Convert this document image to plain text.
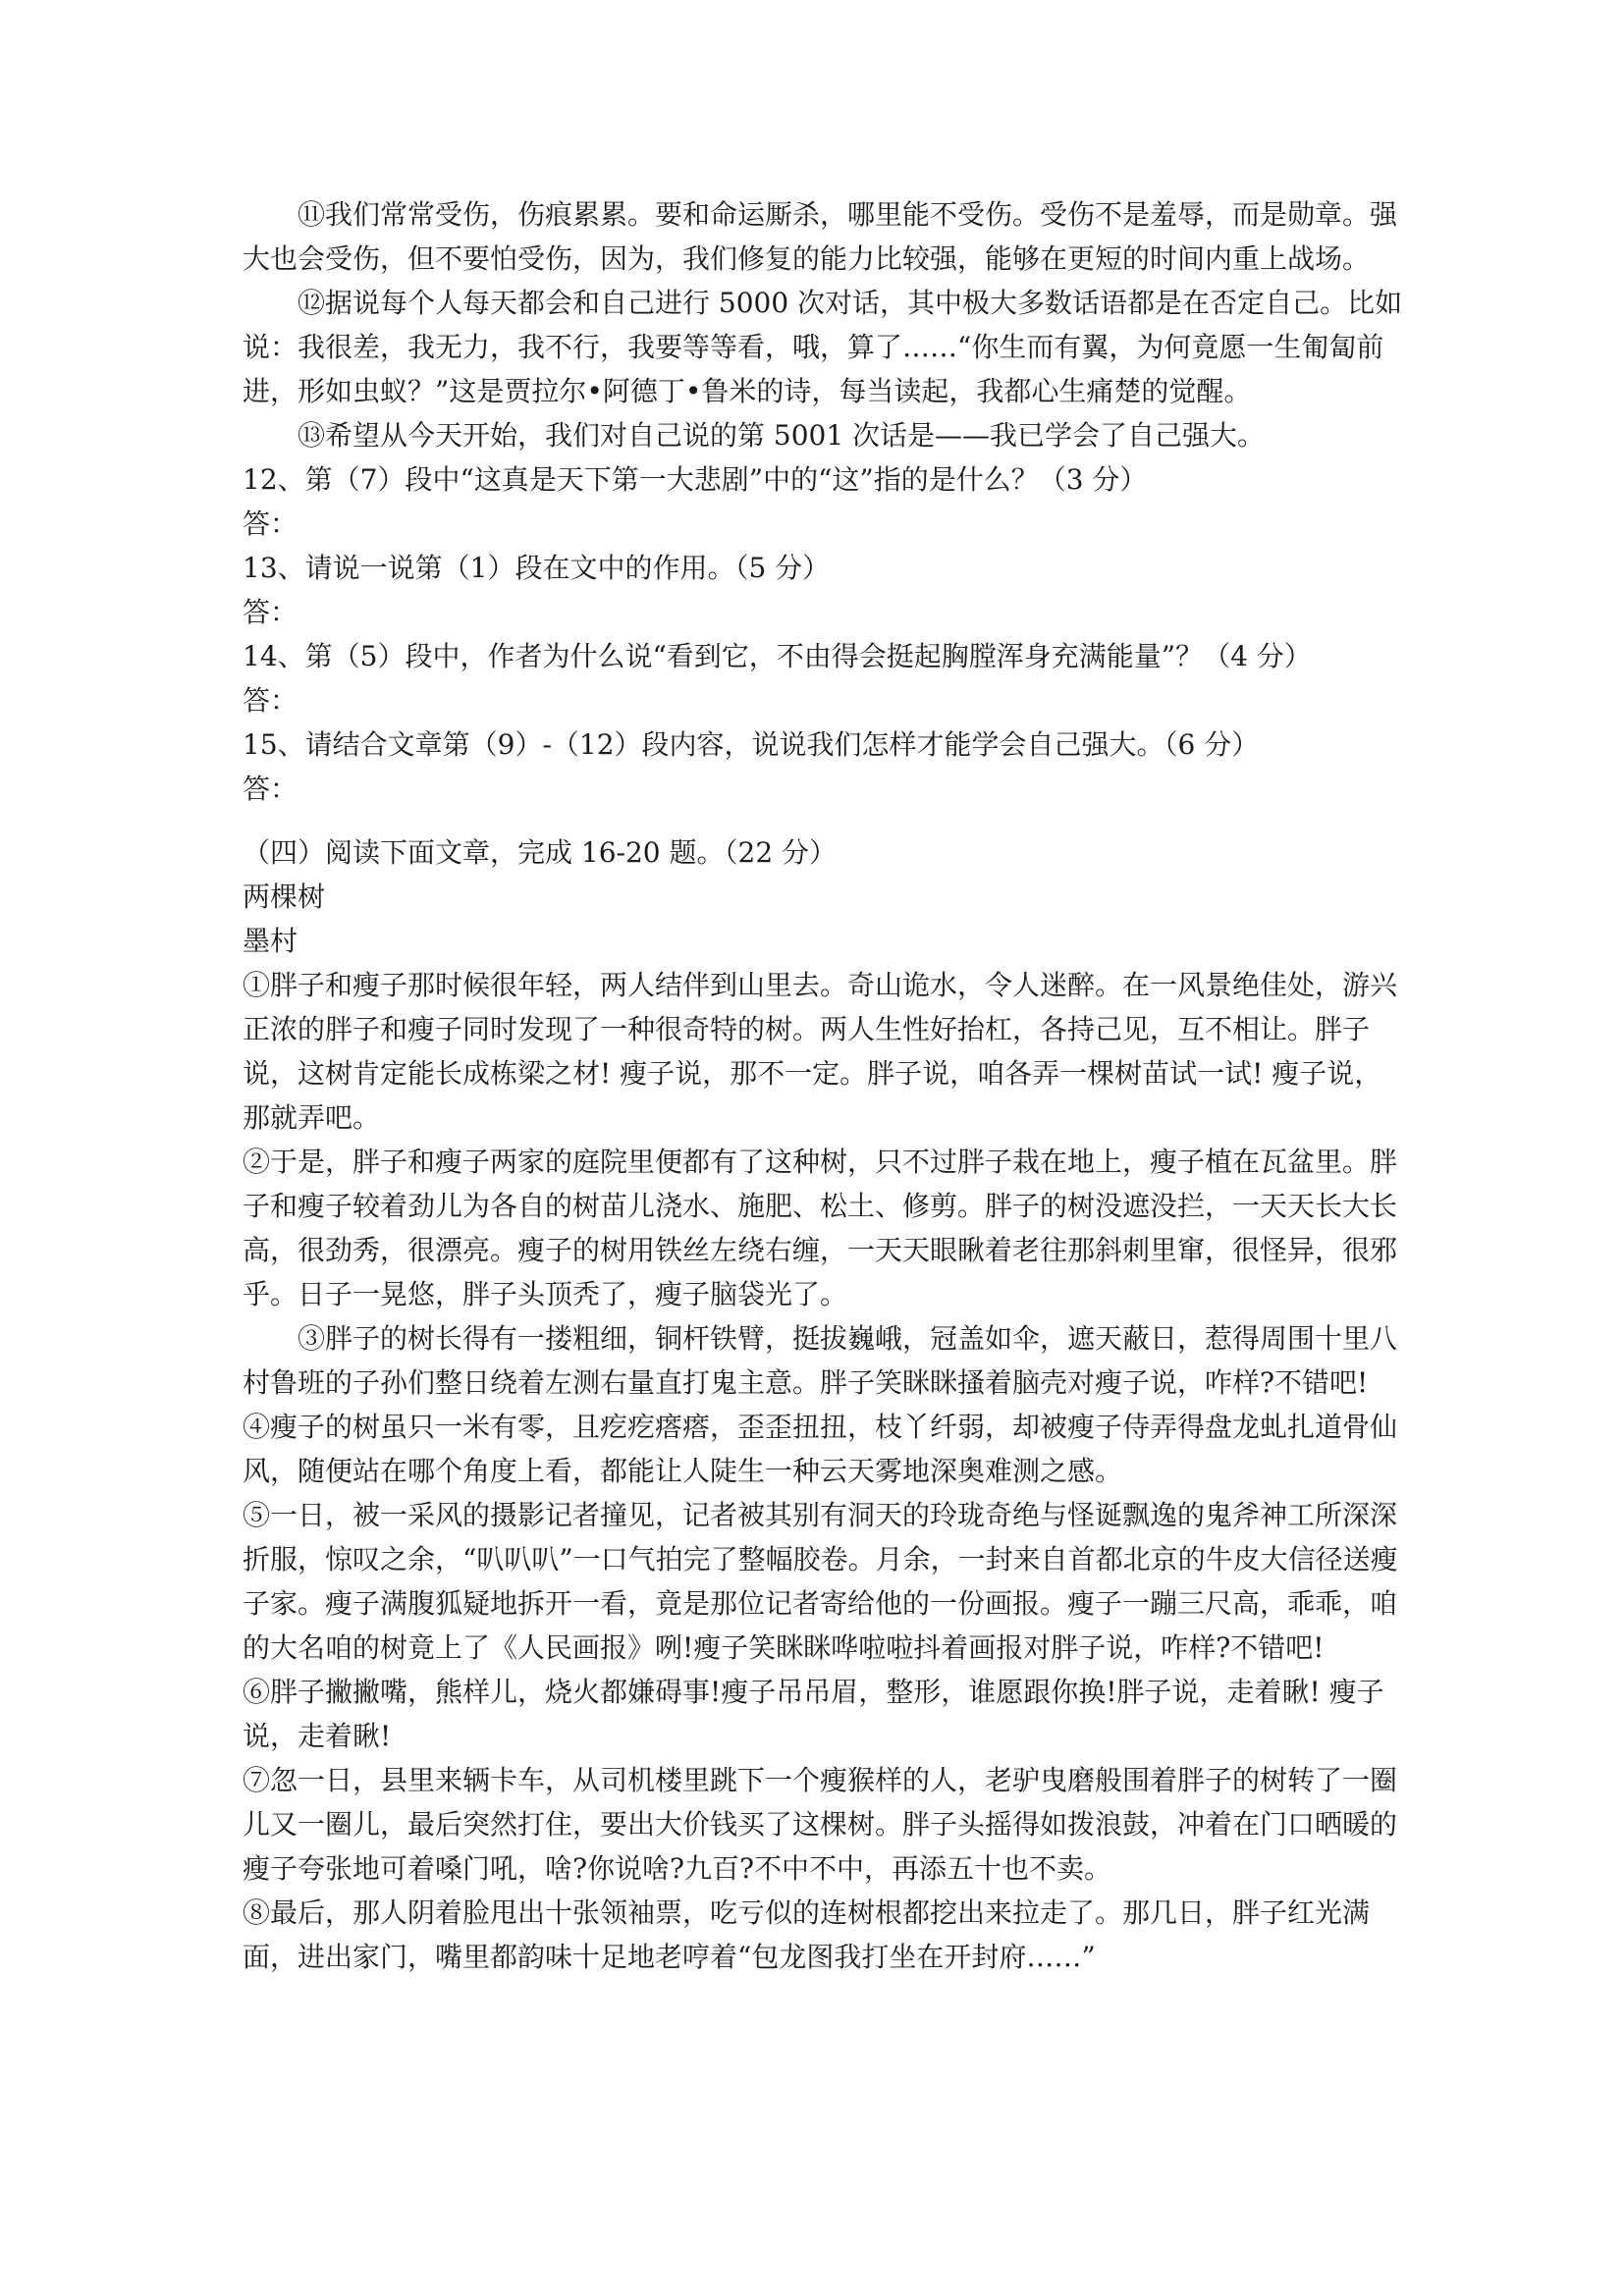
⑪我们常常受伤，伤痕累累。要和命运厮杀，哪里能不受伤。受伤不是羞辱，而是勋章。强大也会受伤，但不要怕受伤，因为，我们修复的能力比较强，能够在更短的时间内重上战场。
⑫据说每个人每天都会和自己进行 5000 次对话，其中极大多数话语都是在否定自己。比如说：我很差，我无力，我不行，我要等等看，哦，算了……“你生而有翼，为何竟愿一生匍匐前进，形如虫蚁？”这是贾拉尔•阿德丁•鲁米的诗，每当读起，我都心生痛楚的觉醒。
⑬希望从今天开始，我们对自己说的第 5001 次话是——我已学会了自己强大。
12、第（7）段中“这真是天下第一大悲剧”中的“这”指的是什么？（3 分）
答：
13、请说一说第（1）段在文中的作用。（5 分）
答：
14、第（5）段中，作者为什么说“看到它，不由得会挺起胸膛浑身充满能量”？（4 分）
答：
15、请结合文章第（9）-（12）段内容，说说我们怎样才能学会自己强大。（6 分）
答：
（四）阅读下面文章，完成 16-20 题。（22 分）
两棵树
墨村
①胖子和瘦子那时候很年轻，两人结伴到山里去。奇山诡水，令人迷醉。在一风景绝佳处，游兴正浓的胖子和瘦子同时发现了一种很奇特的树。两人生性好抬杠，各持己见，互不相让。胖子说，这树肯定能长成栋梁之材! 瘦子说，那不一定。胖子说，咱各弄一棵树苗试一试! 瘦子说，那就弄吧。
②于是，胖子和瘦子两家的庭院里便都有了这种树，只不过胖子栽在地上，瘦子植在瓦盆里。胖子和瘦子较着劲儿为各自的树苗儿浇水、施肥、松土、修剪。胖子的树没遮没拦，一天天长大长高，很劲秀，很漂亮。瘦子的树用铁丝左绕右缠，一天天眼瞅着老往那斜刺里窜，很怪异，很邪乎。日子一晃悠，胖子头顶秃了，瘦子脑袋光了。
③胖子的树长得有一搂粗细，铜杆铁臂，挺拔巍峨，冠盖如伞，遮天蔽日，惹得周围十里八村鲁班的子孙们整日绕着左测右量直打鬼主意。胖子笑眯眯搔着脑壳对瘦子说，咋样?不错吧!
④瘦子的树虽只一米有零，且疙疙瘩瘩，歪歪扭扭，枝丫纤弱，却被瘦子侍弄得盘龙虬扎道骨仙风，随便站在哪个角度上看，都能让人陡生一种云天雾地深奥难测之感。
⑤一日，被一采风的摄影记者撞见，记者被其别有洞天的玲珑奇绝与怪诞飘逸的鬼斧神工所深深折服，惊叹之余，“叭叭叭”一口气拍完了整幅胶卷。月余，一封来自首都北京的牛皮大信径送瘦子家。瘦子满腹狐疑地拆开一看，竟是那位记者寄给他的一份画报。瘦子一蹦三尺高，乖乖，咱的大名咱的树竟上了《人民画报》咧!瘦子笑眯眯哗啦啦抖着画报对胖子说，咋样?不错吧!
⑥胖子撇撇嘴，熊样儿，烧火都嫌碍事!瘦子吊吊眉，整形，谁愿跟你换!胖子说，走着瞅! 瘦子说，走着瞅!
⑦忽一日，县里来辆卡车，从司机楼里跳下一个瘦猴样的人，老驴曳磨般围着胖子的树转了一圈儿又一圈儿，最后突然打住，要出大价钱买了这棵树。胖子头摇得如拨浪鼓，冲着在门口晒暖的瘦子夸张地可着嗓门吼，啥?你说啥?九百?不中不中，再添五十也不卖。
⑧最后，那人阴着脸甩出十张领袖票，吃亏似的连树根都挖出来拉走了。那几日，胖子红光满面，进出家门，嘴里都韵味十足地老哼着“包龙图我打坐在开封府……”
